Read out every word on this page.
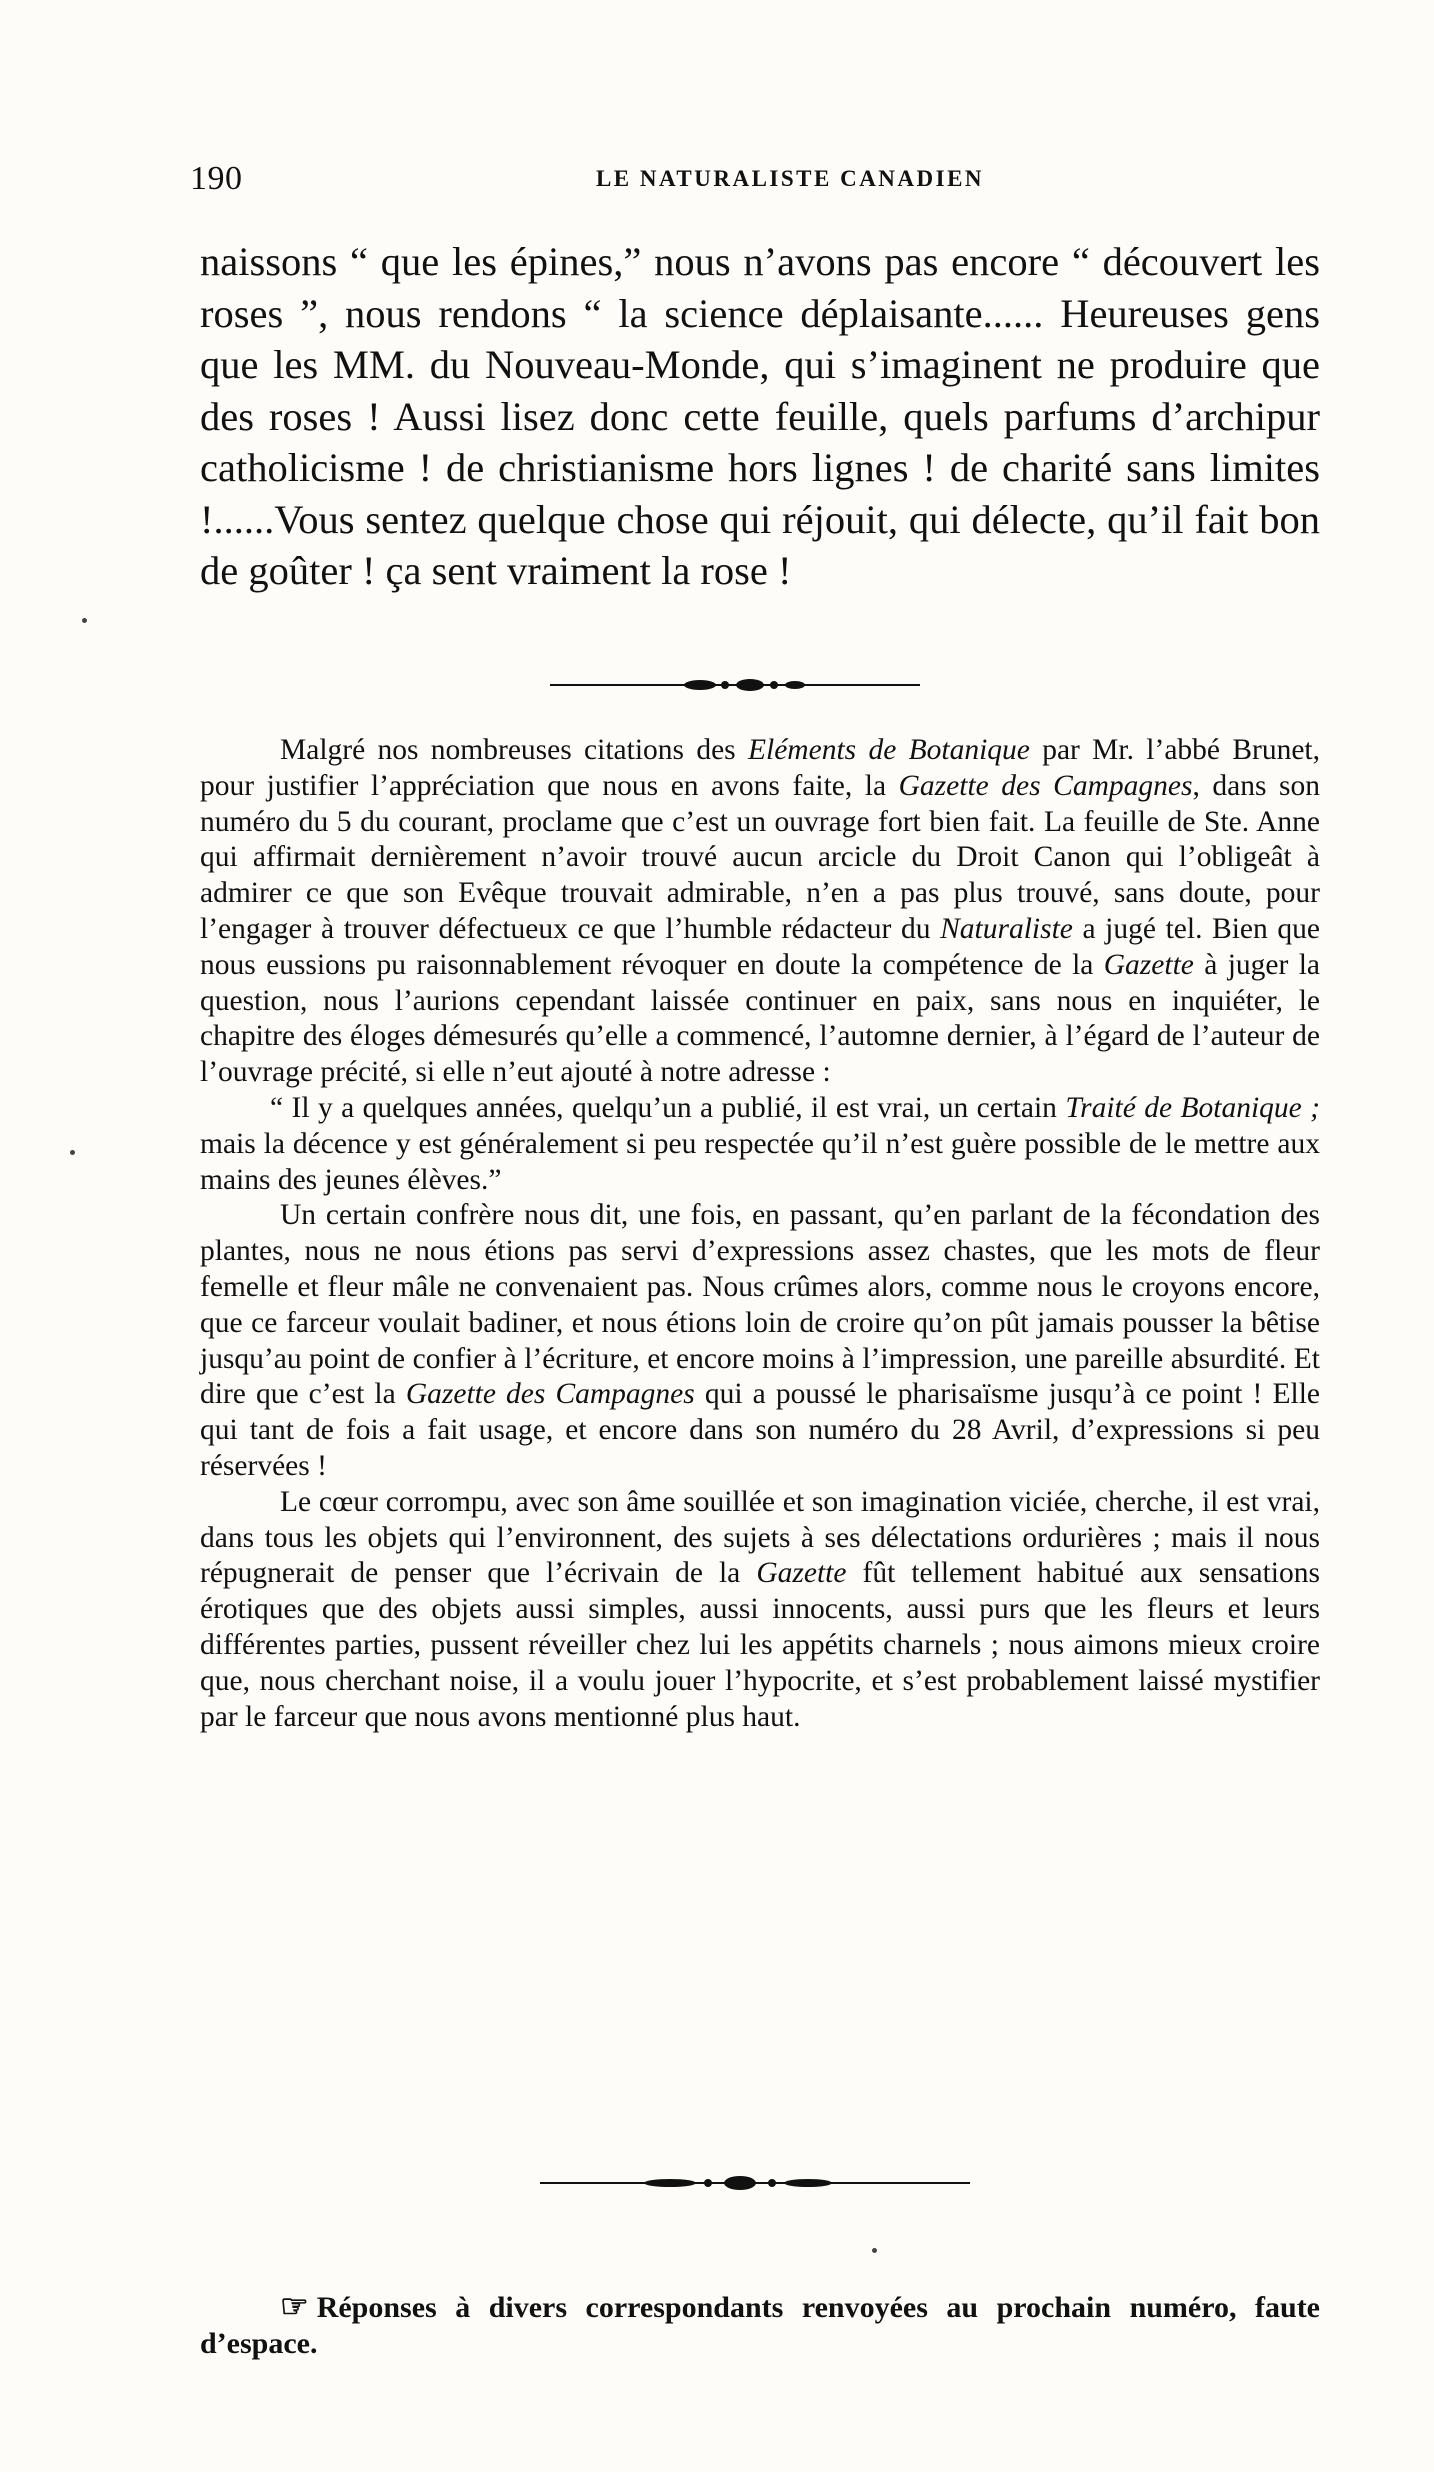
190	LE NATURALISTE CANADIEN

naissons “ que les épines,” nous n’avons pas encore “ découvert les roses ”, nous rendons “ la science déplaisante...... Heureuses gens que les MM. du Nouveau-Monde, qui s’imaginent ne produire que des roses ! Aussi lisez donc cette feuille, quels parfums d’archipur catholicisme ! de christianisme hors lignes ! de charité sans limites !......Vous sentez quelque chose qui réjouit, qui délecte, qu’il fait bon de goûter ! ça sent vraiment la rose !

Malgré nos nombreuses citations des Eléments de Botanique par Mr. l’abbé Brunet, pour justifier l’appréciation que nous en avons faite, la Gazette des Campagnes, dans son numéro du 5 du courant, proclame que c’est un ouvrage fort bien fait. La feuille de Ste. Anne qui affirmait dernièrement n’avoir trouvé aucun arcicle du Droit Canon qui l’obligeât à admirer ce que son Evêque trouvait admirable, n’en a pas plus trouvé, sans doute, pour l’engager à trouver défectueux ce que l’humble rédacteur du Naturaliste a jugé tel. Bien que nous eussions pu raisonnablement révoquer en doute la compétence de la Gazette à juger la question, nous l’aurions cependant laissée continuer en paix, sans nous en inquiéter, le chapitre des éloges démesurés qu’elle a commencé, l’automne dernier, à l’égard de l’auteur de l’ouvrage précité, si elle n’eut ajouté à notre adresse :

“ Il y a quelques années, quelqu’un a publié, il est vrai, un certain Traité de Botanique ; mais la décence y est généralement si peu respectée qu’il n’est guère possible de le mettre aux mains des jeunes élèves.”

Un certain confrère nous dit, une fois, en passant, qu’en parlant de la fécondation des plantes, nous ne nous étions pas servi d’expressions assez chastes, que les mots de fleur femelle et fleur mâle ne convenaient pas. Nous crûmes alors, comme nous le croyons encore, que ce farceur voulait badiner, et nous étions loin de croire qu’on pût jamais pousser la bêtise jusqu’au point de confier à l’écriture, et encore moins à l’impression, une pareille absurdité. Et dire que c’est la Gazette des Campagnes qui a poussé le pharisaïsme jusqu’à ce point ! Elle qui tant de fois a fait usage, et encore dans son numéro du 28 Avril, d’expressions si peu réservées !

Le cœur corrompu, avec son âme souillée et son imagination viciée, cherche, il est vrai, dans tous les objets qui l’environnent, des sujets à ses délectations ordurières ; mais il nous répugnerait de penser que l’écrivain de la Gazette fût tellement habitué aux sensations érotiques que des objets aussi simples, aussi innocents, aussi purs que les fleurs et leurs différentes parties, pussent réveiller chez lui les appétits charnels ; nous aimons mieux croire que, nous cherchant noise, il a voulu jouer l’hypocrite, et s’est probablement laissé mystifier par le farceur que nous avons mentionné plus haut.

☞ Réponses à divers correspondants renvoyées au prochain numéro, faute d’espace.
